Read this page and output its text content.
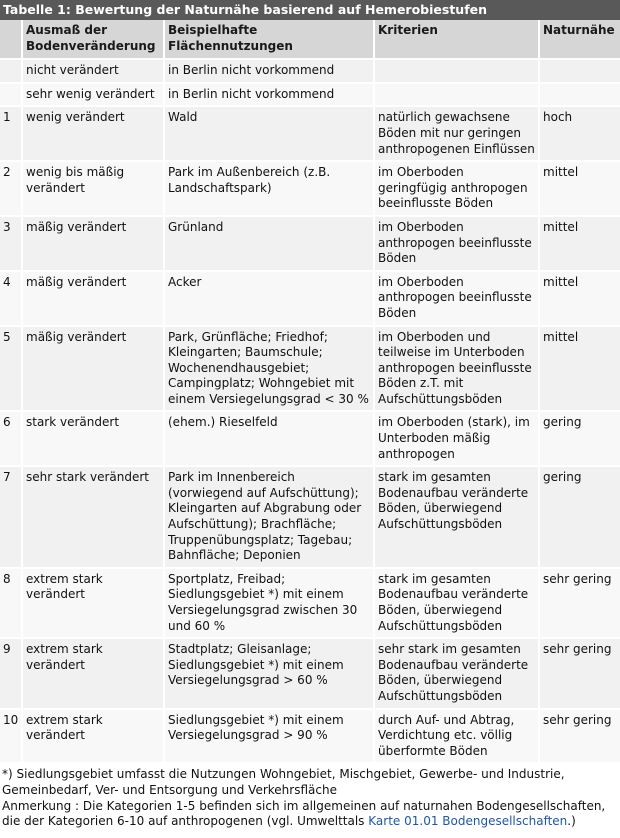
Tabelle 1: Bewertung der Naturnähe basierend auf Hemerobiestufen
	Ausmaß der Bodenveränderung	Beispielhafte Flächennutzungen	Kriterien	Naturnähe
	nicht verändert	in Berlin nicht vorkommend		
	sehr wenig verändert	in Berlin nicht vorkommend		
1	wenig verändert	Wald	natürlich gewachsene Böden mit nur geringen anthropogenen Einflüssen	hoch
2	wenig bis mäßig verändert	Park im Außenbereich (z.B. Landschaftspark)	im Oberboden geringfügig anthropogen beeinflusste Böden	mittel
3	mäßig verändert	Grünland	im Oberboden anthropogen beeinflusste Böden	mittel
4	mäßig verändert	Acker	im Oberboden anthropogen beeinflusste Böden	mittel
5	mäßig verändert	Park, Grünfläche; Friedhof; Kleingarten; Baumschule; Wochenendhausgebiet; Campingplatz; Wohngebiet mit einem Versiegelungsgrad < 30 %	im Oberboden und teilweise im Unterboden anthropogen beeinflusste Böden z.T. mit Aufschüttungsböden	mittel
6	stark verändert	(ehem.) Rieselfeld	im Oberboden (stark), im Unterboden mäßig anthropogen	gering
7	sehr stark verändert	Park im Innenbereich (vorwiegend auf Aufschüttung); Kleingarten auf Abgrabung oder Aufschüttung); Brachfläche; Truppenübungsplatz; Tagebau; Bahnfläche; Deponien	stark im gesamten Bodenaufbau veränderte Böden, überwiegend Aufschüttungsböden	gering
8	extrem stark verändert	Sportplatz, Freibad; Siedlungsgebiet *) mit einem Versiegelungsgrad zwischen 30 und 60 %	stark im gesamten Bodenaufbau veränderte Böden, überwiegend Aufschüttungsböden	sehr gering
9	extrem stark verändert	Stadtplatz; Gleisanlage; Siedlungsgebiet *) mit einem Versiegelungsgrad > 60 %	sehr stark im gesamten Bodenaufbau veränderte Böden, überwiegend Aufschüttungsböden	sehr gering
10	extrem stark verändert	Siedlungsgebiet *) mit einem Versiegelungsgrad > 90 %	durch Auf- und Abtrag, Verdichtung etc. völlig überformte Böden	sehr gering

*) Siedlungsgebiet umfasst die Nutzungen Wohngebiet, Mischgebiet, Gewerbe- und Industrie, Gemeinbedarf, Ver- und Entsorgung und Verkehrsfläche

Anmerkung : Die Kategorien 1-5 befinden sich im allgemeinen auf naturnahen Bodengesellschaften, die der Kategorien 6-10 auf anthropogenen (vgl. Umwelttals Karte 01.01 Bodengesellschaften.)
